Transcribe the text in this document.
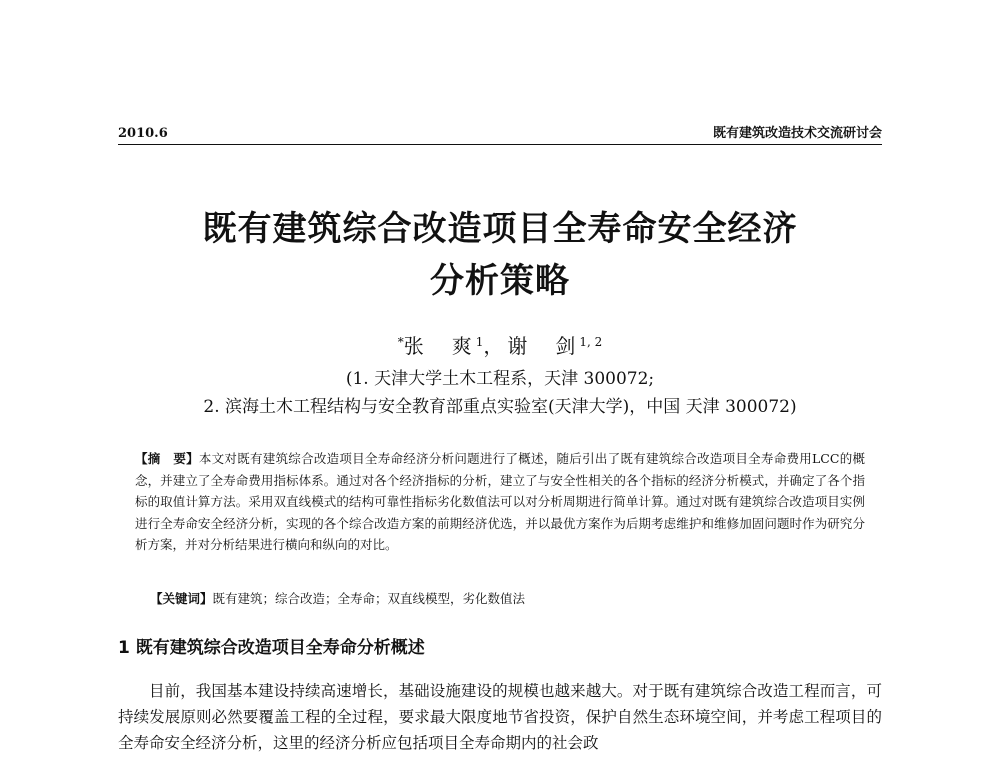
2010.6	既有建筑改造技术交流研讨会
既有建筑综合改造项目全寿命安全经济
分析策略
*张　爽$^1$，谢　剑$^{1, 2}$
(1. 天津大学土木工程系，天津 300072;
2. 滨海土木工程结构与安全教育部重点实验室(天津大学)，中国 天津 300072)
【摘　要】本文对既有建筑综合改造项目全寿命经济分析问题进行了概述，随后引出了既有建筑综合改造项目全寿命费用LCC的概念，并建立了全寿命费用指标体系。通过对各个经济指标的分析，建立了与安全性相关的各个指标的经济分析模式，并确定了各个指标的取值计算方法。采用双直线模式的结构可靠性指标劣化数值法可以对分析周期进行简单计算。通过对既有建筑综合改造项目实例进行全寿命安全经济分析，实现的各个综合改造方案的前期经济优选，并以最优方案作为后期考虑维护和维修加固问题时作为研究分析方案，并对分析结果进行横向和纵向的对比。
【关键词】既有建筑；综合改造；全寿命；双直线模型，劣化数值法
1 既有建筑综合改造项目全寿命分析概述

目前，我国基本建设持续高速增长，基础设施建设的规模也越来越大。对于既有建筑综合改造工程而言，可持续发展原则必然要覆盖工程的全过程，要求最大限度地节省投资，保护自然生态环境空间，并考虑工程项目的全寿命安全经济分析，这里的经济分析应包括项目全寿命期内的社会政
